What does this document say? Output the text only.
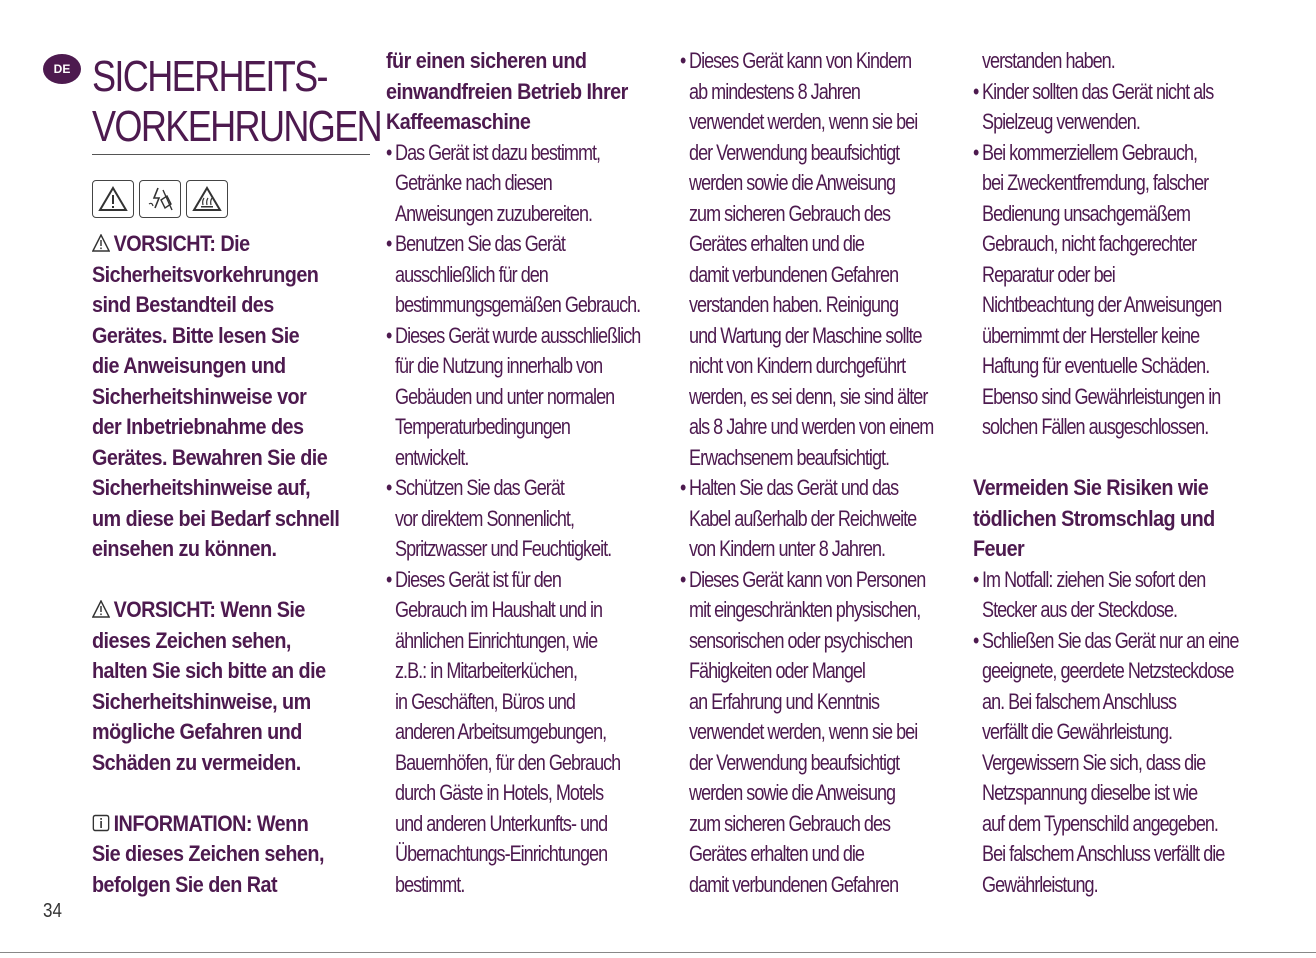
DE SICHERHEITS-
VORKEHRUNGEN

VORSICHT: Die
Sicherheitsvorkehrungen
sind Bestandteil des
Gerätes. Bitte lesen Sie
die Anweisungen und
Sicherheitshinweise vor
der Inbetriebnahme des
Gerätes. Bewahren Sie die
Sicherheitshinweise auf,
um diese bei Bedarf schnell
einsehen zu können.

VORSICHT: Wenn Sie
dieses Zeichen sehen,
halten Sie sich bitte an die
Sicherheitshinweise, um
mögliche Gefahren und
Schäden zu vermeiden.

INFORMATION: Wenn
Sie dieses Zeichen sehen,
befolgen Sie den Rat

für einen sicheren und
einwandfreien Betrieb Ihrer
Kaffeemaschine

• Das Gerät ist dazu bestimmt,
Getränke nach diesen
Anweisungen zuzubereiten.
• Benutzen Sie das Gerät
ausschließlich für den
bestimmungsgemäßen Gebrauch.
• Dieses Gerät wurde ausschließlich
für die Nutzung innerhalb von
Gebäuden und unter normalen
Temperaturbedingungen
entwickelt.
• Schützen Sie das Gerät
vor direktem Sonnenlicht,
Spritzwasser und Feuchtigkeit.
• Dieses Gerät ist für den
Gebrauch im Haushalt und in
ähnlichen Einrichtungen, wie
z.B.: in Mitarbeiterküchen,
in Geschäften, Büros und
anderen Arbeitsumgebungen,
Bauernhöfen, für den Gebrauch
durch Gäste in Hotels, Motels
und anderen Unterkunfts- und
Übernachtungs-Einrichtungen
bestimmt.
• Dieses Gerät kann von Kindern
ab mindestens 8 Jahren
verwendet werden, wenn sie bei
der Verwendung beaufsichtigt
werden sowie die Anweisung
zum sicheren Gebrauch des
Gerätes erhalten und die
damit verbundenen Gefahren
verstanden haben. Reinigung
und Wartung der Maschine sollte
nicht von Kindern durchgeführt
werden, es sei denn, sie sind älter
als 8 Jahre und werden von einem
Erwachsenem beaufsichtigt.
• Halten Sie das Gerät und das
Kabel außerhalb der Reichweite
von Kindern unter 8 Jahren.
• Dieses Gerät kann von Personen
mit eingeschränkten physischen,
sensorischen oder psychischen
Fähigkeiten oder Mangel
an Erfahrung und Kenntnis
verwendet werden, wenn sie bei
der Verwendung beaufsichtigt
werden sowie die Anweisung
zum sicheren Gebrauch des
Gerätes erhalten und die
damit verbundenen Gefahren
verstanden haben.
• Kinder sollten das Gerät nicht als
Spielzeug verwenden.
• Bei kommerziellem Gebrauch,
bei Zweckentfremdung, falscher
Bedienung unsachgemäßem
Gebrauch, nicht fachgerechter
Reparatur oder bei
Nichtbeachtung der Anweisungen
übernimmt der Hersteller keine
Haftung für eventuelle Schäden.
Ebenso sind Gewährleistungen in
solchen Fällen ausgeschlossen.

Vermeiden Sie Risiken wie
tödlichen Stromschlag und
Feuer

• Im Notfall: ziehen Sie sofort den
Stecker aus der Steckdose.
• Schließen Sie das Gerät nur an eine
geeignete, geerdete Netzsteckdose
an. Bei falschem Anschluss
verfällt die Gewährleistung.
Vergewissern Sie sich, dass die
Netzspannung dieselbe ist wie
auf dem Typenschild angegeben.
Bei falschem Anschluss verfällt die
Gewährleistung.
34
